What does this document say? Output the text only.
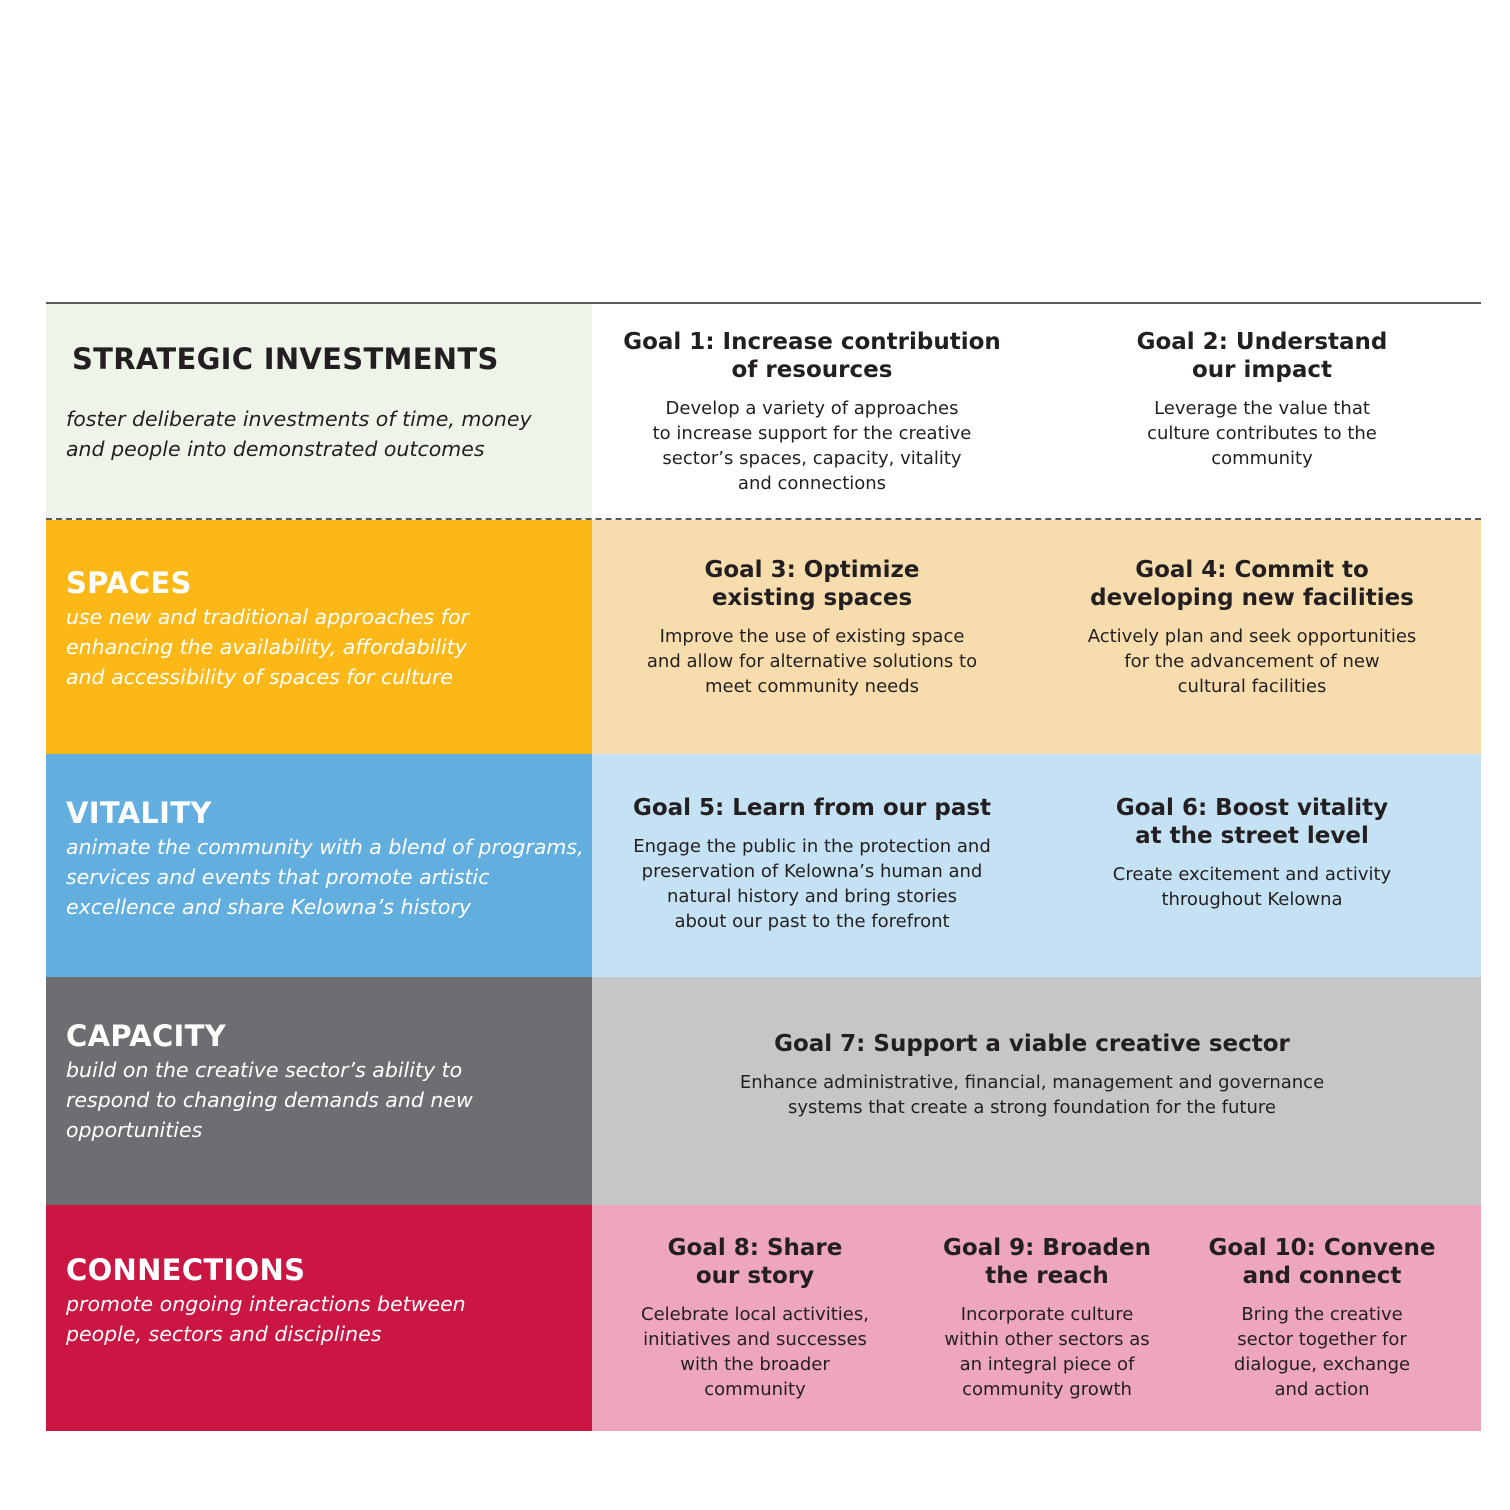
STRATEGIC INVESTMENTS
foster deliberate investments of time, money
and people into demonstrated outcomes
Goal 1: Increase contribution
of resources
Develop a variety of approaches
to increase support for the creative
sector’s spaces, capacity, vitality
and connections
Goal 2: Understand
our impact
Leverage the value that
culture contributes to the
community
SPACES
use new and traditional approaches for
enhancing the availability, affordability
and accessibility of spaces for culture
Goal 3: Optimize
existing spaces
Improve the use of existing space
and allow for alternative solutions to
meet community needs
Goal 4: Commit to
developing new facilities
Actively plan and seek opportunities
for the advancement of new
cultural facilities
VITALITY
animate the community with a blend of programs,
services and events that promote artistic
excellence and share Kelowna’s history
Goal 5: Learn from our past
Engage the public in the protection and
preservation of Kelowna’s human and
natural history and bring stories
about our past to the forefront
Goal 6: Boost vitality
at the street level
Create excitement and activity
throughout Kelowna
CAPACITY
build on the creative sector’s ability to
respond to changing demands and new
opportunities
Goal 7: Support a viable creative sector
Enhance administrative, financial, management and governance
systems that create a strong foundation for the future
CONNECTIONS
promote ongoing interactions between
people, sectors and disciplines
Goal 8: Share
our story
Celebrate local activities,
initiatives and successes
with the broader
community
Goal 9: Broaden
the reach
Incorporate culture
within other sectors as
an integral piece of
community growth
Goal 10: Convene
and connect
Bring the creative
sector together for
dialogue, exchange
and action
